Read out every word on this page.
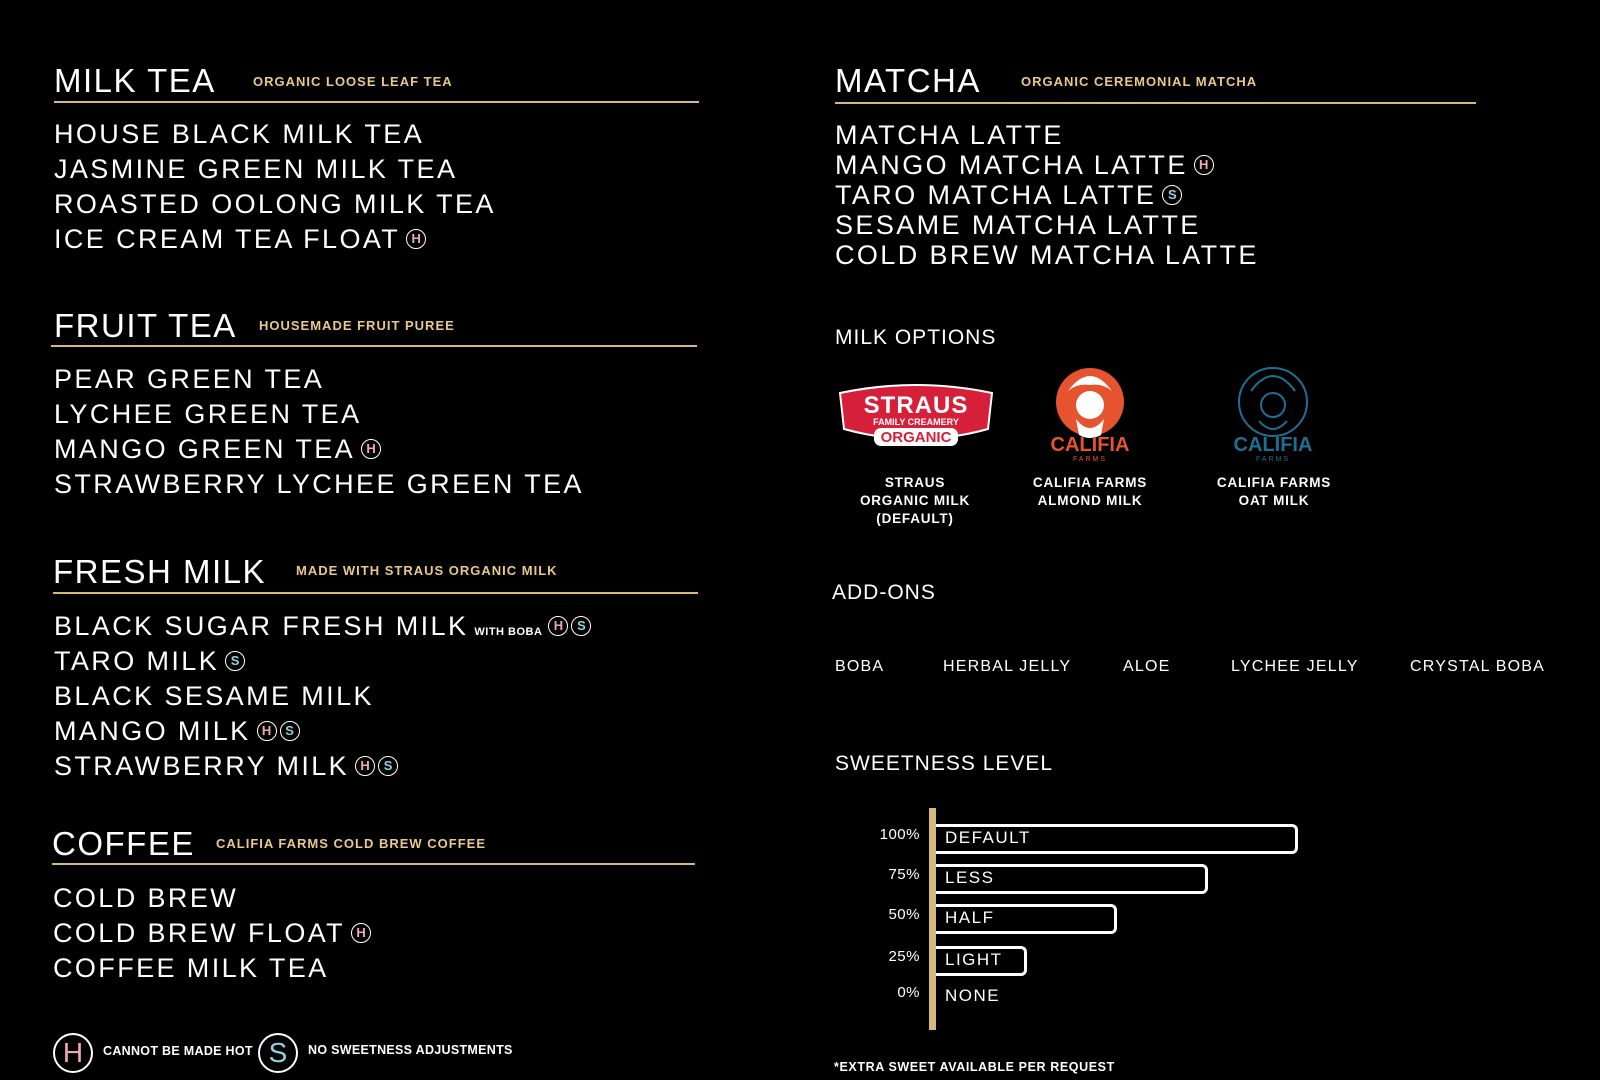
MILK TEA	ORGANIC LOOSE LEAF TEA
HOUSE BLACK MILK TEA
JASMINE GREEN MILK TEA
ROASTED OOLONG MILK TEA
ICE CREAM TEA FLOAT H
FRUIT TEA HOUSEMADE FRUIT PUREE
PEAR GREEN TEA
LYCHEE GREEN TEA
MANGO GREEN TEA H
STRAWBERRY LYCHEE GREEN TEA
FRESH MILK MADE WITH STRAUS ORGANIC MILK
BLACK SUGAR FRESH MILK WITH BOBA H S
TARO MILK S
BLACK SESAME MILK
MANGO MILK H S
STRAWBERRY MILK H S
COFFEE CALIFIA FARMS COLD BREW COFFEE
COLD BREW
COLD BREW FLOAT H
COFFEE MILK TEA
H	CANNOT BE MADE HOT S	NO SWEETNESS ADJUSTMENTS
MATCHA	ORGANIC CEREMONIAL MATCHA
MATCHA LATTE
MANGO MATCHA LATTE H
TARO MATCHA LATTE S
SESAME MATCHA LATTE
COLD BREW MATCHA LATTE
MILK OPTIONS
STRAUS
FAMILY CREAMERY
ORGANIC	CALIFIA
FARMS
CALIFIA
FARMS
STRAUS
ORGANIC MILK
(DEFAULT)
CALIFIA FARMS
ALMOND MILK
CALIFIA FARMS
OAT MILK
ADD-ONS
BOBA	HERBAL JELLY	ALOE	LYCHEE JELLY	CRYSTAL BOBA
SWEETNESS LEVEL
100% DEFAULT
75% LESS
50% HALF
25% LIGHT
0% NONE
*EXTRA SWEET AVAILABLE PER REQUEST
